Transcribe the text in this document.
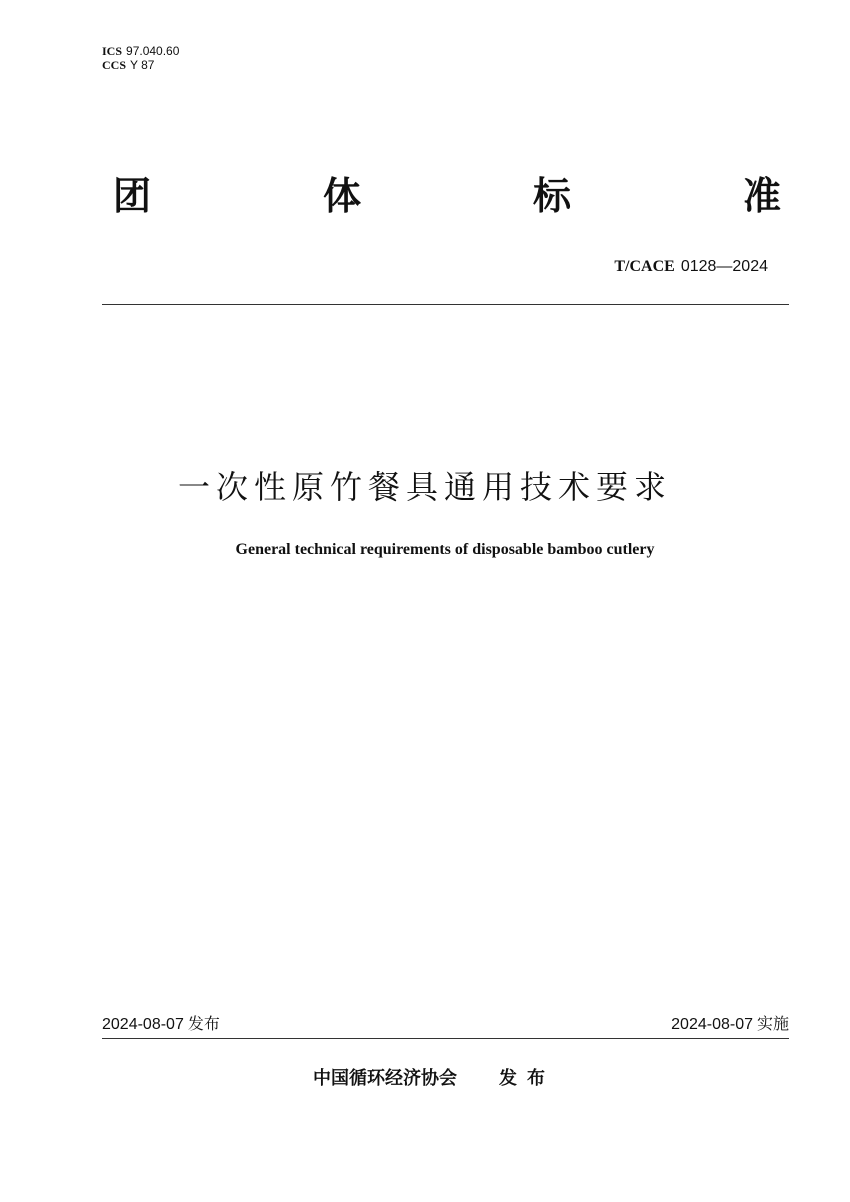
ICS 97.040.60
CCS Y 87
团	体	标	准
T/CACE 0128—2024
一次性原竹餐具通用技术要求
General technical requirements of disposable bamboo cutlery
2024-08-07 发布	2024-08-07 实施
中国循环经济协会 发布
